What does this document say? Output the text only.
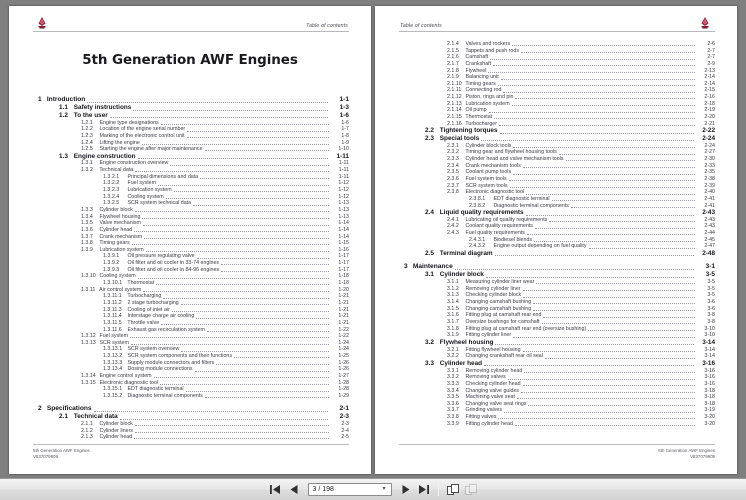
Table of contents
5th Generation AWF Engines
1 Introduction	1-1
1.1 Safety instructions	1-3
1.2 To the user	1-6
1.2.1 Engine type designations	1-6
1.2.2 Location of the engine serial number	1-7
1.2.3 Marking of the electronic control unit	1-8
1.2.4 Lifting the engine	1-9
1.2.5 Starting the engine after major maintenance	1-10
1.3 Engine construction	1-11
1.3.1 Engine construction overview	1-11
1.3.2 Technical data	1-11
1.3.2.1 Principal dimensions and data	1-11
1.3.2.2 Fuel system	1-12
1.3.2.3 Lubrication system	1-12
1.3.2.4 Cooling system	1-12
1.3.2.5 SCR system technical data	1-13
1.3.3 Cylinder block	1-13
1.3.4 Flywheel housing	1-13
1.3.5 Valve mechanism	1-14
1.3.6 Cylinder head	1-14
1.3.7 Crank mechanism	1-14
1.3.8 Timing gears	1-15
1.3.9 Lubrication system	1-16
1.3.9.1 Oil pressure regulating valve	1-17
1.3.9.2 Oil filter and oil cooler in 33-74 engines	1-17
1.3.9.3 Oil filter and oil cooler in 84-96 engines	1-17
1.3.10 Cooling system	1-18
1.3.10.1 Thermostat	1-18
1.3.11 Air control system	1-20
1.3.11.1 Turbocharging	1-21
1.3.11.2 2 stage turbocharging	1-21
1.3.11.3 Cooling of inlet air	1-21
1.3.11.4 Interstage charge air cooling	1-21
1.3.11.5 Throttle valve	1-21
1.3.11.6 Exhaust gas recirculation system	1-22
1.3.12 Fuel system	1-22
1.3.13 SCR system	1-24
1.3.13.1 SCR system overview	1-24
1.3.13.2 SCR system components and their functions	1-25
1.3.13.3 Supply module connectors and filters	1-26
1.3.13.4 Dosing module connections	1-26
1.3.14 Engine control system	1-27
1.3.15 Electronic diagnostic tool	1-28
1.3.15.1 EDT diagnostic terminal	1-28
1.3.15.2 Diagnostic terminal components	1-29
2 Specifications	2-1
2.1 Technical data	2-3
2.1.1 Cylinder block	2-3
2.1.2 Cylinder liners	2-4
2.1.3 Cylinder head	2-5
5th Generation AWF Engines
V837079909
Table of contents
2.1.4 Valves and rockers	2-6
2.1.5 Tappets and push rods	2-7
2.1.6 Camshaft	2-7
2.1.7 Crankshaft	2-9
2.1.8 Flywheel	2-13
2.1.9 Balancing unit	2-14
2.1.10 Timing gears	2-14
2.1.11 Connecting rod	2-15
2.1.12 Piston, rings and pin	2-16
2.1.13 Lubrication system	2-18
2.1.14 Oil pump	2-19
2.1.15 Thermostat	2-20
2.1.16 Turbocharger	2-21
2.2 Tightening torques	2-22
2.3 Special tools	2-24
2.3.1 Cylinder block tools	2-24
2.3.2 Timing gear and flywheel housing tools	2-27
2.3.3 Cylinder head and valve mechanism tools	2-30
2.3.4 Crank mechanism tools	2-33
2.3.5 Coolant pump tools	2-35
2.3.6 Fuel system tools	2-38
2.3.7 SCR system tools	2-39
2.3.8 Electronic diagnostic tool	2-40
2.3.8.1 EDT diagnostic terminal	2-41
2.3.8.2 Diagnostic terminal components	2-41
2.4 Liquid quality requirements	2-43
2.4.1 Lubricating oil quality requirements	2-43
2.4.2 Coolant quality requirements	2-43
2.4.3 Fuel quality requirements	2-44
2.4.3.1 Biodiesel blends	2-45
2.4.3.2 Engine output depending on fuel quality	2-47
2.5 Terminal diagram	2-48
3 Maintenance	3-1
3.1 Cylinder block	3-5
3.1.1 Measuring cylinder liner wear	3-5
3.1.2 Removing cylinder liner	3-5
3.1.3 Checking cylinder block	3-5
3.1.4 Changing camshaft bushing	3-6
3.1.5 Changing camshaft bushing	3-6
3.1.6 Fitting plug at camshaft rear end	3-8
3.1.7 Oversize bushings for camshaft	3-8
3.1.8 Fitting plug at camshaft rear end (oversize bushing)	3-10
3.1.9 Fitting cylinder liner	3-10
3.2 Flywheel housing	3-14
3.2.1 Fitting flywheel housing	3-14
3.2.2 Changing crankshaft rear oil seal	3-14
3.3 Cylinder head	3-16
3.3.1 Removing cylinder head	3-16
3.3.2 Removing valves	3-16
3.3.3 Checking cylinder head	3-16
3.3.4 Changing valve guides	3-18
3.3.5 Machining valve seat	3-18
3.3.6 Changing valve seat rings	3-18
3.3.7 Grinding valves	3-19
3.3.8 Fitting valves	3-20
3.3.9 Fitting cylinder head	3-20
5th Generation AWF Engines
V837079909
3 / 198	▾
